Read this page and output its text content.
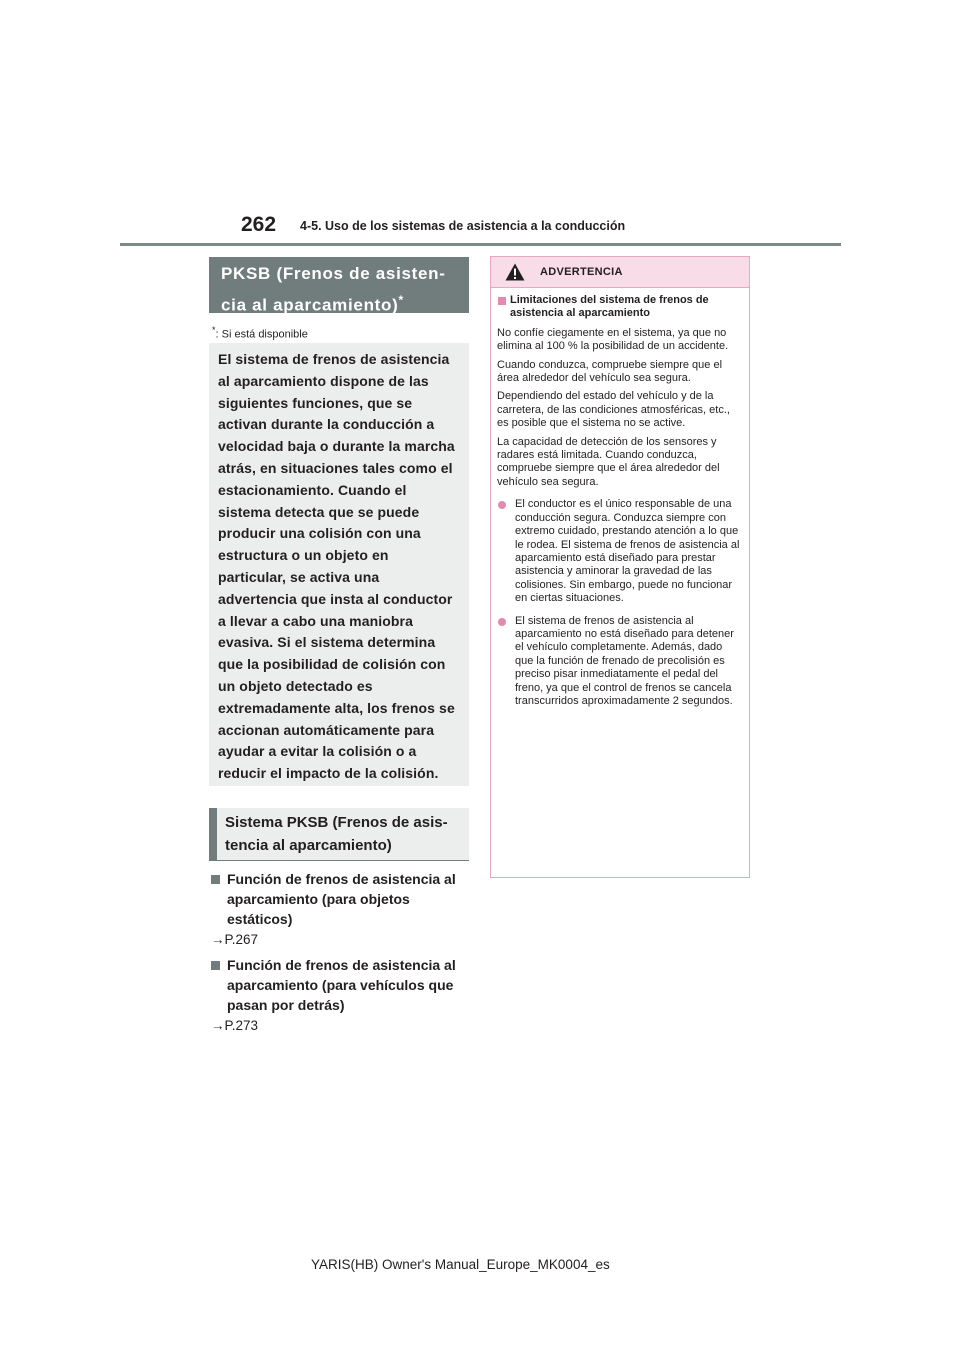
262 4-5. Uso de los sistemas de asistencia a la conducción
PKSB (Frenos de asisten-cia al aparcamiento)*
*: Si está disponible

El sistema de frenos de asistencia al aparcamiento dispone de las siguientes funciones, que se activan durante la conducción a velocidad baja o durante la marcha atrás, en situaciones tales como el estacionamiento. Cuando el sistema detecta que se puede producir una colisión con una estructura o un objeto en particular, se activa una advertencia que insta al conductor a llevar a cabo una maniobra evasiva. Si el sistema determina que la posibilidad de colisión con un objeto detectado es extremadamente alta, los frenos se accionan automáticamente para ayudar a evitar la colisión o a reducir el impacto de la colisión.

Sistema PKSB (Frenos de asis-tencia al aparcamiento)
Función de frenos de asistencia al aparcamiento (para objetos estáticos)
→P.267
Función de frenos de asistencia al aparcamiento (para vehículos que pasan por detrás)
→P.273
ADVERTENCIA
Limitaciones del sistema de frenos de asistencia al aparcamiento

No confíe ciegamente en el sistema, ya que no elimina al 100 % la posibilidad de un accidente.

Cuando conduzca, compruebe siempre que el área alrededor del vehículo sea segura.

Dependiendo del estado del vehículo y de la carretera, de las condiciones atmosféricas, etc., es posible que el sistema no se active.

La capacidad de detección de los sensores y radares está limitada. Cuando conduzca, compruebe siempre que el área alrededor del vehículo sea segura.

El conductor es el único responsable de una conducción segura. Conduzca siempre con extremo cuidado, prestando atención a lo que le rodea. El sistema de frenos de asistencia al aparcamiento está diseñado para prestar asistencia y aminorar la gravedad de las colisiones. Sin embargo, puede no funcionar en ciertas situaciones.
El sistema de frenos de asistencia al aparcamiento no está diseñado para detener el vehículo completamente. Además, dado que la función de frenado de precolisión es preciso pisar inmediatamente el pedal del freno, ya que el control de frenos se cancela transcurridos aproximadamente 2 segundos.
YARIS(HB) Owner's Manual_Europe_MK0004_es
